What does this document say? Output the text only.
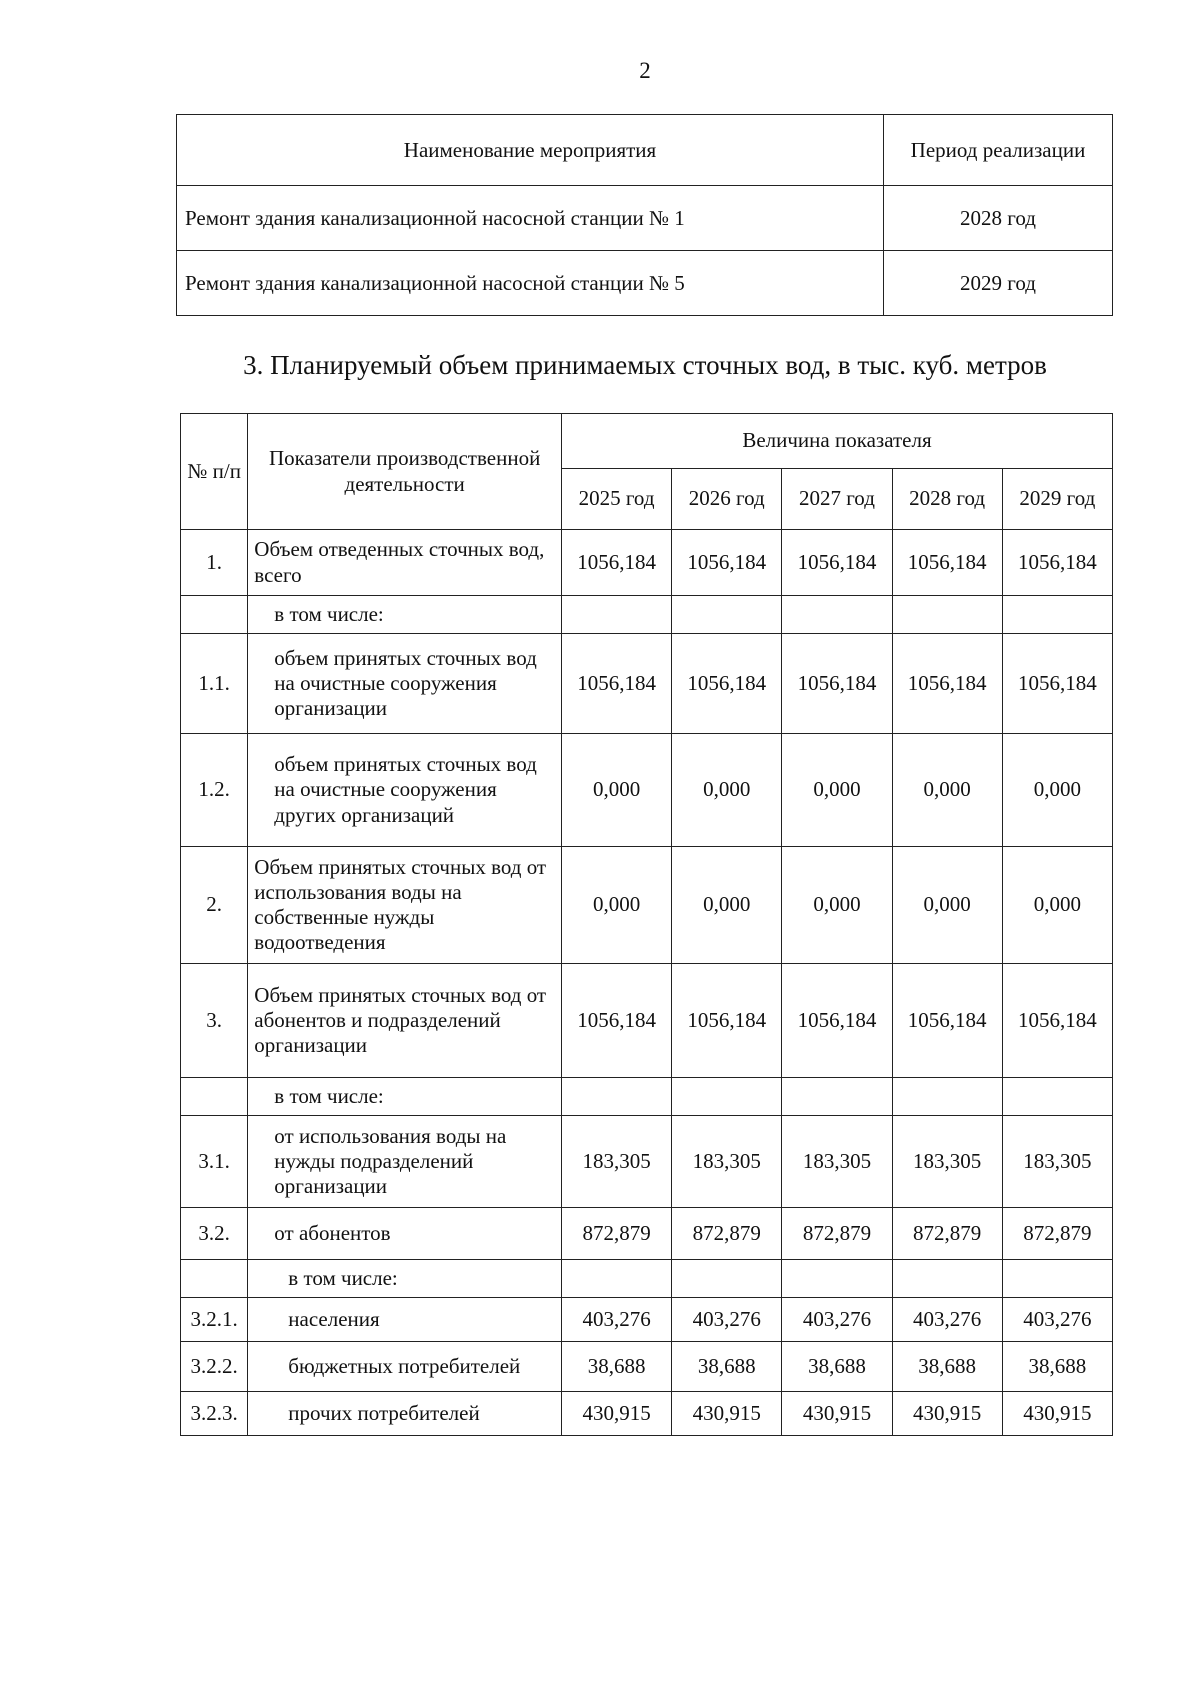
2
Наименование мероприятия	Период реализации
Ремонт здания канализационной насосной станции № 1	2028 год
Ремонт здания канализационной насосной станции № 5	2029 год
3. Планируемый объем принимаемых сточных вод, в тыс. куб. метров
№ п/п	Показатели производственной деятельности	Величина показателя				
		2025 год	2026 год	2027 год	2028 год	2029 год
1.	Объем отведенных сточных вод, всего	1056,184	1056,184	1056,184	1056,184	1056,184
	в том числе:					
1.1.	объем принятых сточных вод на очистные сооружения организации	1056,184	1056,184	1056,184	1056,184	1056,184
1.2.	объем принятых сточных вод на очистные сооружения других организаций	0,000	0,000	0,000	0,000	0,000
2.	Объем принятых сточных вод от использования воды на собственные нужды водоотведения	0,000	0,000	0,000	0,000	0,000
3.	Объем принятых сточных вод от абонентов и подразделений организации	1056,184	1056,184	1056,184	1056,184	1056,184
	в том числе:					
3.1.	от использования воды на нужды подразделений организации	183,305	183,305	183,305	183,305	183,305
3.2.	от абонентов	872,879	872,879	872,879	872,879	872,879
	в том числе:					
3.2.1.	населения	403,276	403,276	403,276	403,276	403,276
3.2.2.	бюджетных потребителей	38,688	38,688	38,688	38,688	38,688
3.2.3.	прочих потребителей	430,915	430,915	430,915	430,915	430,915
